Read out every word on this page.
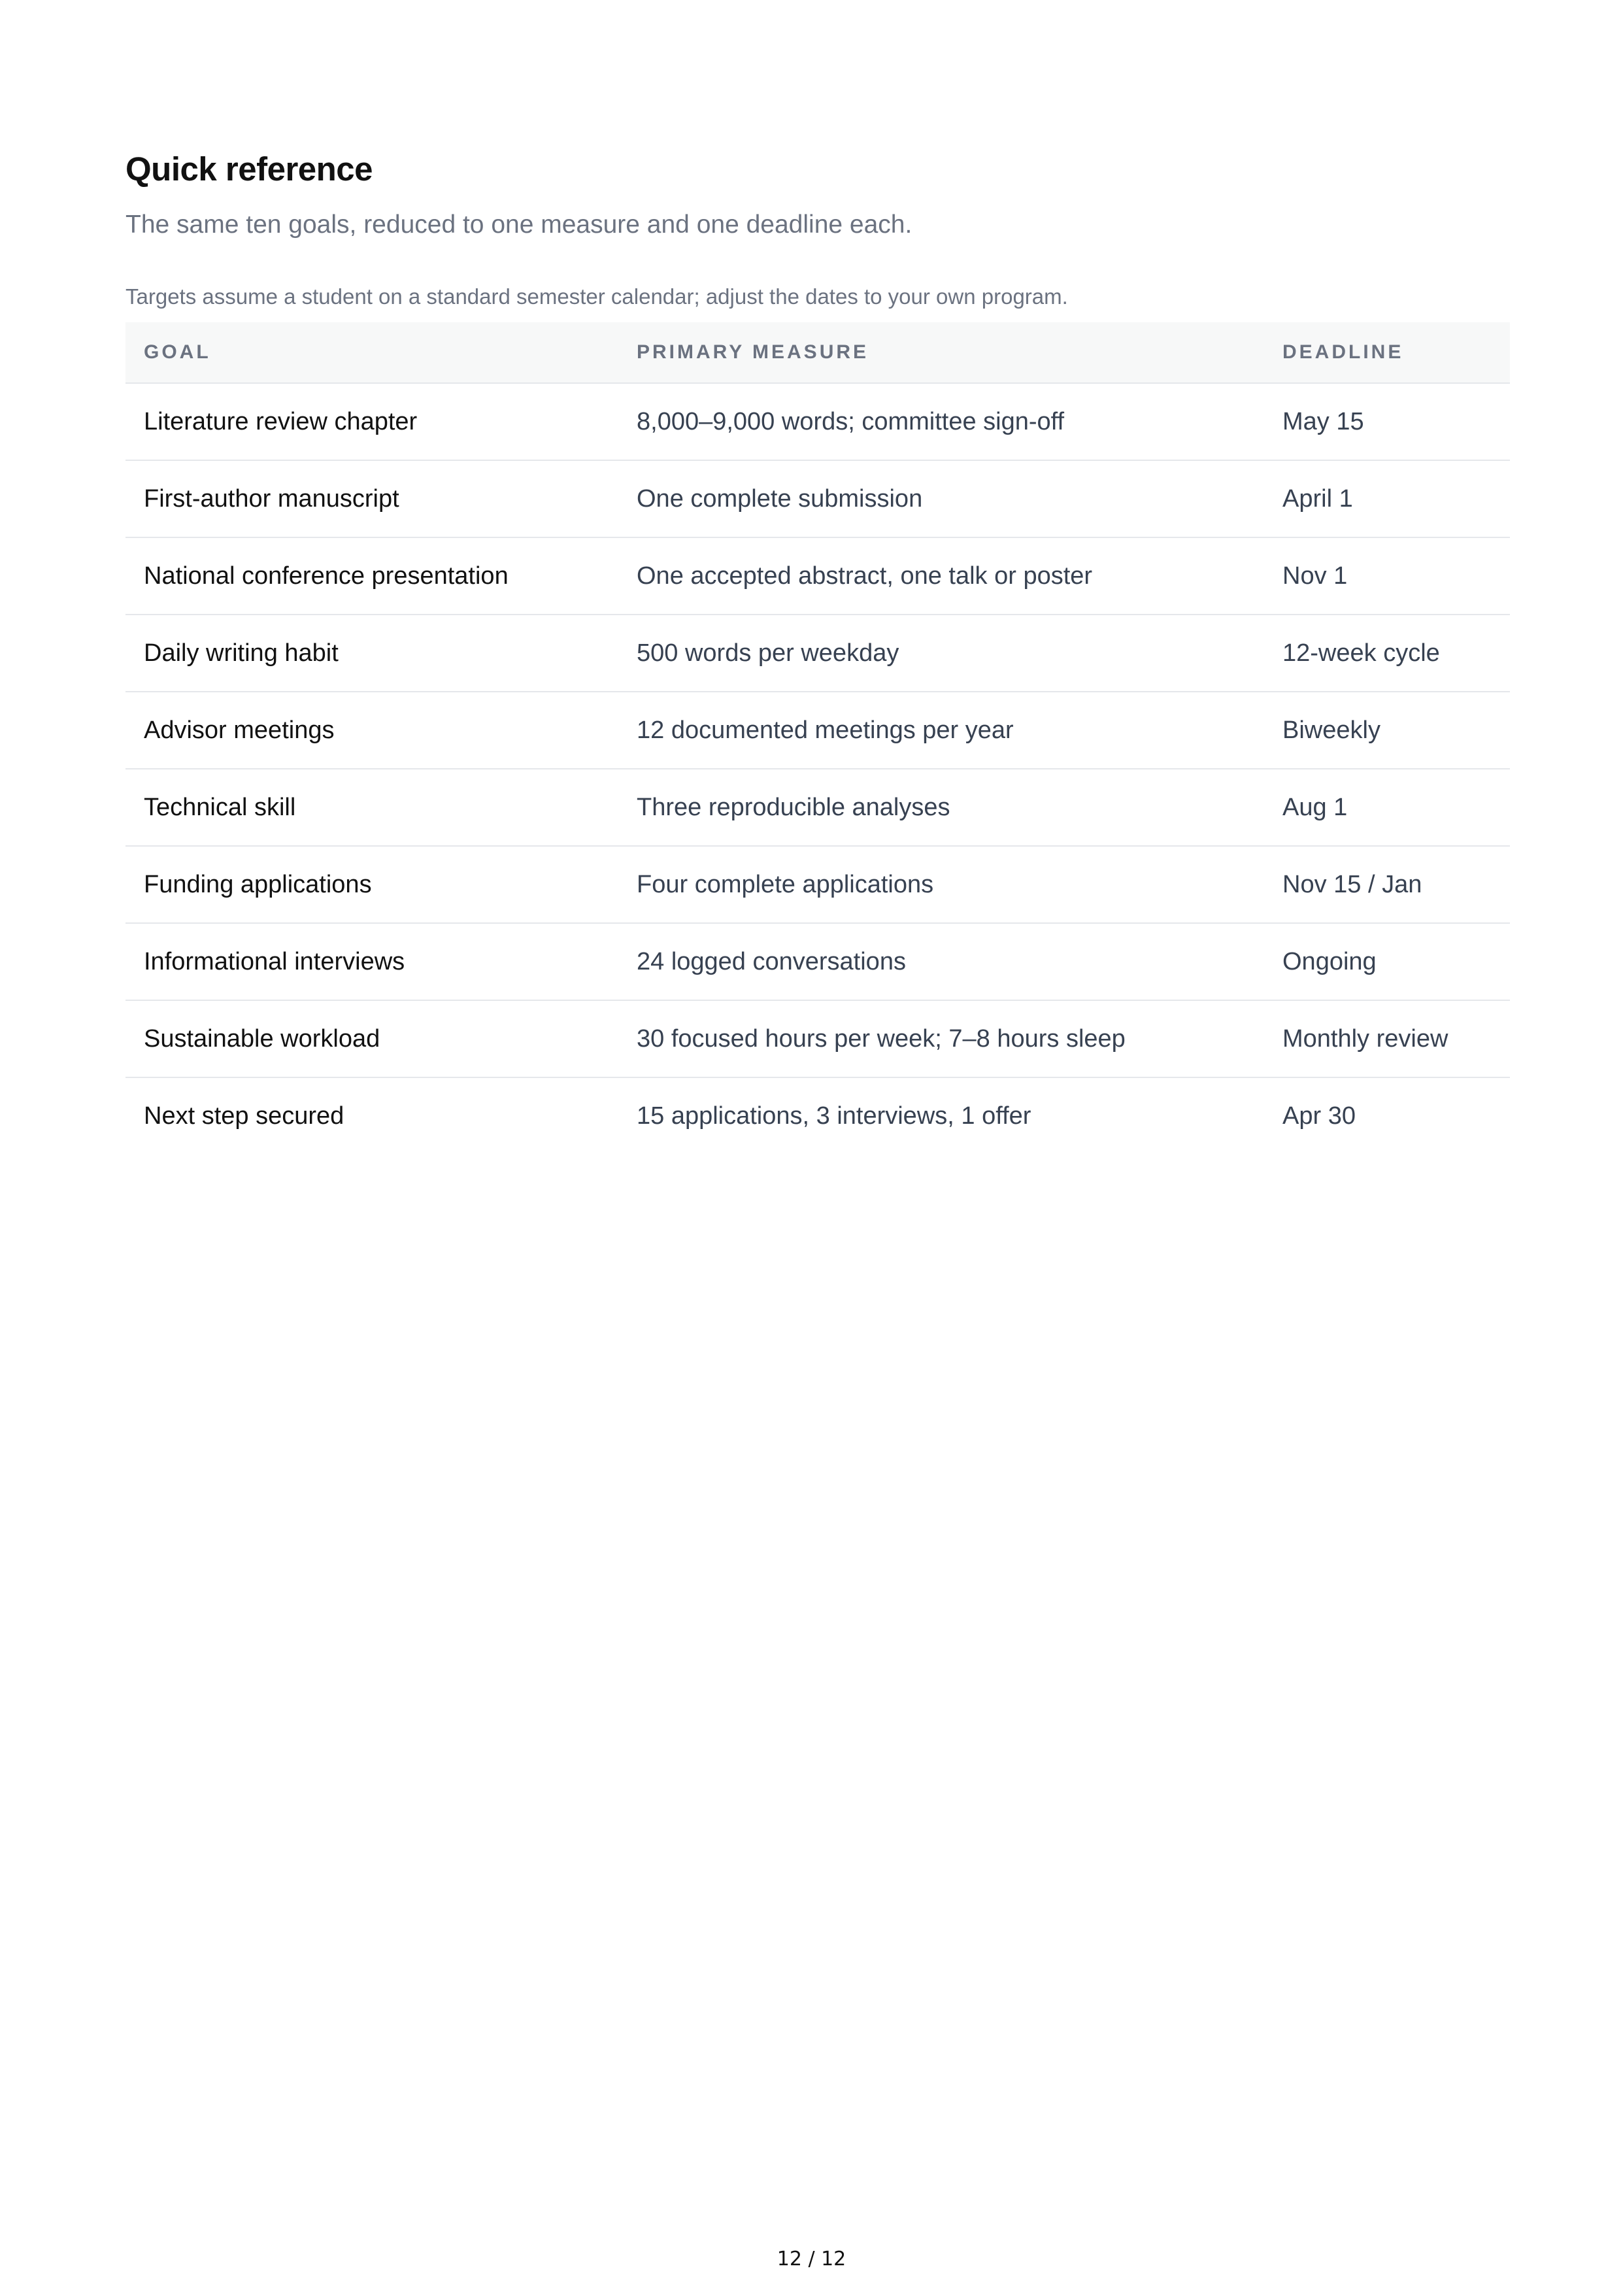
Quick reference
The same ten goals, reduced to one measure and one deadline each.
Targets assume a student on a standard semester calendar; adjust the dates to your own program.
GOAL	PRIMARY MEASURE	DEADLINE
Literature review chapter	8,000–9,000 words; committee sign-off	May 15
First-author manuscript	One complete submission	April 1
National conference presentation	One accepted abstract, one talk or poster	Nov 1
Daily writing habit	500 words per weekday	12-week cycle
Advisor meetings	12 documented meetings per year	Biweekly
Technical skill	Three reproducible analyses	Aug 1
Funding applications	Four complete applications	Nov 15 / Jan
Informational interviews	24 logged conversations	Ongoing
Sustainable workload	30 focused hours per week; 7–8 hours sleep	Monthly review
Next step secured	15 applications, 3 interviews, 1 offer	Apr 30
12 / 12
